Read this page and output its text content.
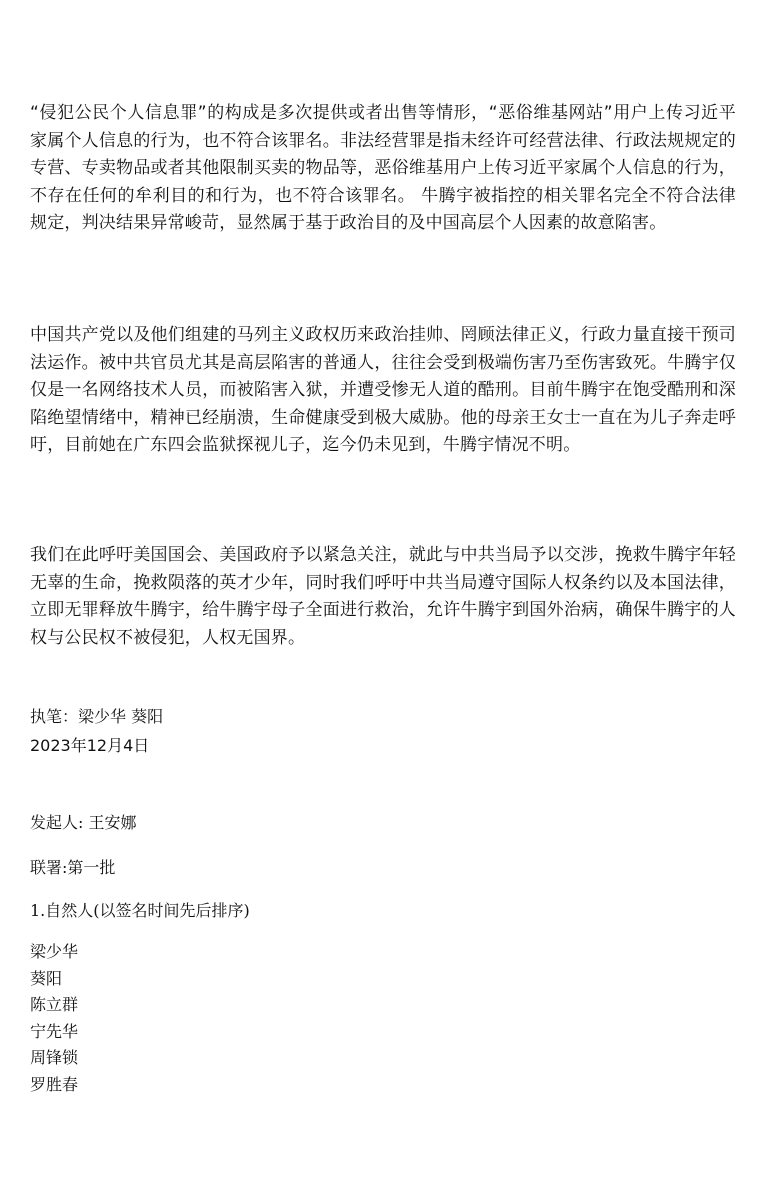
“侵犯公民个人信息罪”的构成是多次提供或者出售等情形，“恶俗维基网站”用户上传习近平家属个人信息的行为，也不符合该罪名。非法经营罪是指未经许可经营法律、行政法规规定的专营、专卖物品或者其他限制买卖的物品等，恶俗维基用户上传习近平家属个人信息的行为，不存在任何的牟利目的和行为，也不符合该罪名。 牛腾宇被指控的相关罪名完全不符合法律规定，判决结果异常峻苛，显然属于基于政治目的及中国高层个人因素的故意陷害。

中国共产党以及他们组建的马列主义政权历来政治挂帅、罔顾法律正义，行政力量直接干预司法运作。被中共官员尤其是高层陷害的普通人，往往会受到极端伤害乃至伤害致死。牛腾宇仅仅是一名网络技术人员，而被陷害入狱，并遭受惨无人道的酷刑。目前牛腾宇在饱受酷刑和深陷绝望情绪中，精神已经崩溃，生命健康受到极大威胁。他的母亲王女士一直在为儿子奔走呼吁，目前她在广东四会监狱探视儿子，迄今仍未见到，牛腾宇情况不明。

我们在此呼吁美国国会、美国政府予以紧急关注，就此与中共当局予以交涉，挽救牛腾宇年轻无辜的生命，挽救陨落的英才少年，同时我们呼吁中共当局遵守国际人权条约以及本国法律，立即无罪释放牛腾宇，给牛腾宇母子全面进行救治，允许牛腾宇到国外治病，确保牛腾宇的人权与公民权不被侵犯，人权无国界。

执笔：梁少华 葵阳

2023年12月4日

发起人: 王安娜

联署:第一批

1.自然人(以签名时间先后排序)

梁少华
葵阳
陈立群
宁先华
周锋锁
罗胜春
